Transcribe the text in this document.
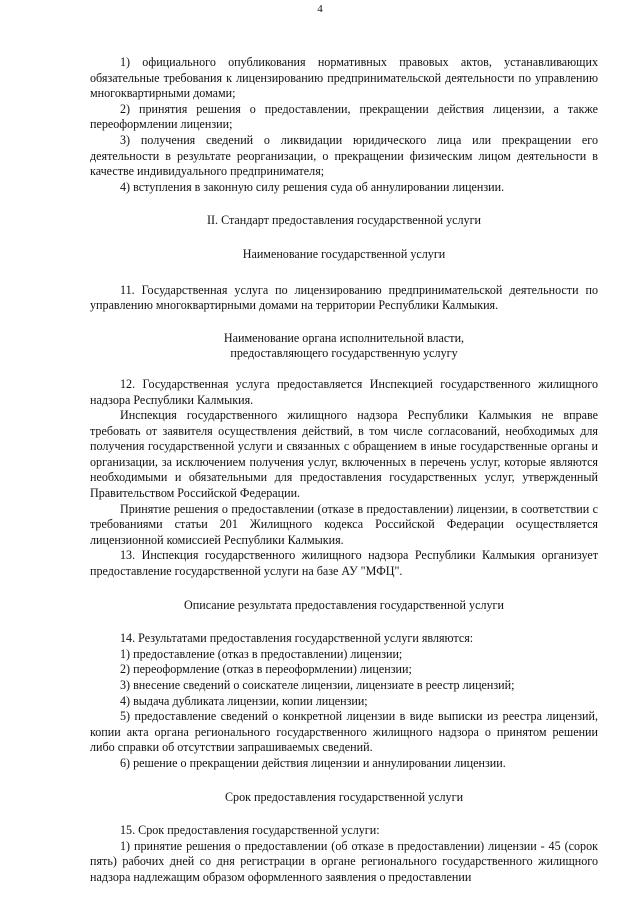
4

1) официального опубликования нормативных правовых актов, устанавливающих обязательные требования к лицензированию предпринимательской деятельности по управлению многоквартирными домами;

2) принятия решения о предоставлении, прекращении действия лицензии, а также переоформлении лицензии;

3) получения сведений о ликвидации юридического лица или прекращении его деятельности в результате реорганизации, о прекращении физическим лицом деятельности в качестве индивидуального предпринимателя;

4) вступления в законную силу решения суда об аннулировании лицензии.

II. Стандарт предоставления государственной услуги

Наименование государственной услуги

11. Государственная услуга по лицензированию предпринимательской деятельности по управлению многоквартирными домами на территории Республики Калмыкия.

Наименование органа исполнительной власти,

предоставляющего государственную услугу

12. Государственная услуга предоставляется Инспекцией государственного жилищного надзора Республики Калмыкия.

Инспекция государственного жилищного надзора Республики Калмыкия не вправе требовать от заявителя осуществления действий, в том числе согласований, необходимых для получения государственной услуги и связанных с обращением в иные государственные органы и организации, за исключением получения услуг, включенных в перечень услуг, которые являются необходимыми и обязательными для предоставления государственных услуг, утвержденный Правительством Российской Федерации.

Принятие решения о предоставлении (отказе в предоставлении) лицензии, в соответствии с требованиями статьи 201 Жилищного кодекса Российской Федерации осуществляется лицензионной комиссией Республики Калмыкия.

13. Инспекция государственного жилищного надзора Республики Калмыкия организует предоставление государственной услуги на базе АУ "МФЦ".

Описание результата предоставления государственной услуги

14. Результатами предоставления государственной услуги являются:

1) предоставление (отказ в предоставлении) лицензии;

2) переоформление (отказ в переоформлении) лицензии;

3) внесение сведений о соискателе лицензии, лицензиате в реестр лицензий;

4) выдача дубликата лицензии, копии лицензии;

5) предоставление сведений о конкретной лицензии в виде выписки из реестра лицензий, копии акта органа регионального государственного жилищного надзора о принятом решении либо справки об отсутствии запрашиваемых сведений.

6) решение о прекращении действия лицензии и аннулировании лицензии.

Срок предоставления государственной услуги

15. Срок предоставления государственной услуги:

1) принятие решения о предоставлении (об отказе в предоставлении) лицензии - 45 (сорок пять) рабочих дней со дня регистрации в органе регионального государственного жилищного надзора надлежащим образом оформленного заявления о предоставлении
